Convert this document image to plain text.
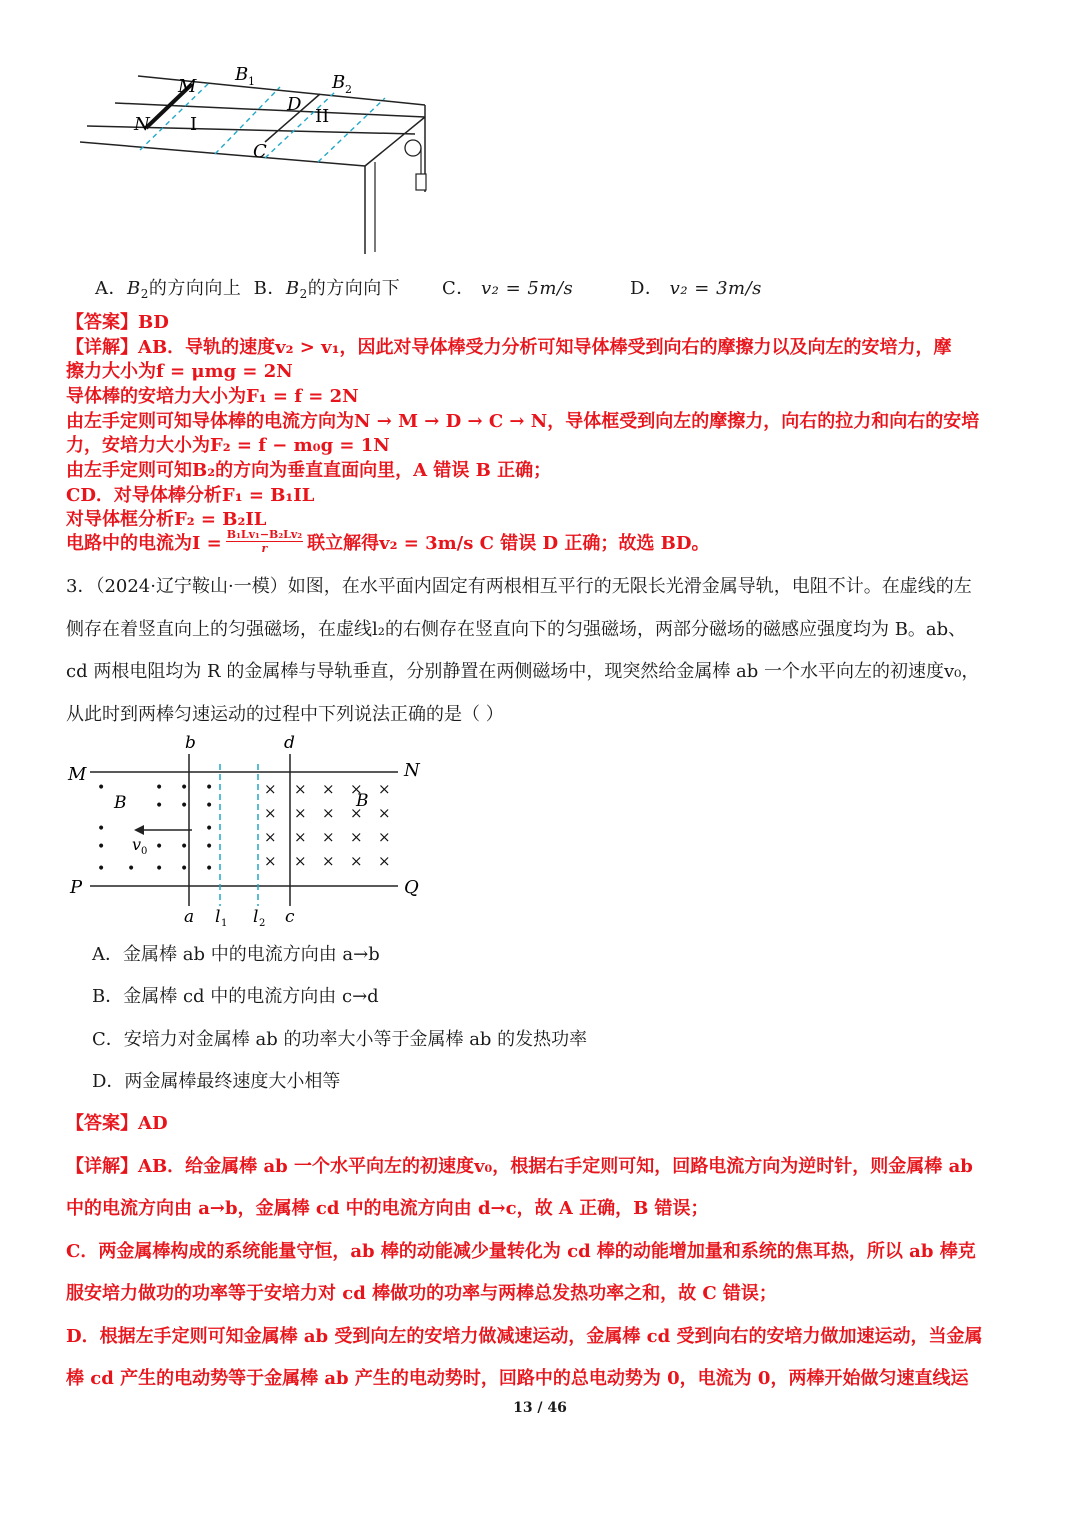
M
N
D
C
B 1	B 2
I	II
A．$B_2$的方向向上 B．$B_2$的方向向下 C． v₂ = 5m/s	D． v₂ = 3m/s
【答案】BD
【详解】AB．导轨的速度v₂ > v₁，因此对导体棒受力分析可知导体棒受到向右的摩擦力以及向左的安培力，摩
擦力大小为f = μmg = 2N
导体棒的安培力大小为F₁ = f = 2N
由左手定则可知导体棒的电流方向为N → M → D → C → N，导体框受到向左的摩擦力，向右的拉力和向右的安培
力，安培力大小为F₂ = f − m₀g = 1N
由左手定则可知B₂的方向为垂直直面向里，A 错误 B 正确；
CD．对导体棒分析F₁ = B₁IL
对导体框分析F₂ = B₂IL
电路中的电流为$I = \frac{\text{B₁Lv₁−B₂Lv₂}}{r}$ 联立解得v₂ = 3m/s C 错误 D 正确；故选 BD。
3．（2024·辽宁鞍山·一模）如图，在水平面内固定有两根相互平行的无限长光滑金属导轨，电阻不计。在虚线的左
侧存在着竖直向上的匀强磁场，在虚线l₂的右侧存在竖直向下的匀强磁场，两部分磁场的磁感应强度均为 B。ab、
cd 两根电阻均为 R 的金属棒与导轨垂直，分别静置在两侧磁场中，现突然给金属棒 ab 一个水平向左的初速度v₀，
从此时到两棒匀速运动的过程中下列说法正确的是（ ）
•	• • •
• • •
•	•
•	• • •
• • • • •
× × × × ×
× × × × ×
× × × × ×
× × × × ×
M	N
P	Q
b	d
a	c
B	B
v 0
l 1 l 2
A．金属棒 ab 中的电流方向由 a→b
B．金属棒 cd 中的电流方向由 c→d
C．安培力对金属棒 ab 的功率大小等于金属棒 ab 的发热功率
D．两金属棒最终速度大小相等
【答案】AD
【详解】AB．给金属棒 ab 一个水平向左的初速度v₀，根据右手定则可知，回路电流方向为逆时针，则金属棒 ab
中的电流方向由 a→b，金属棒 cd 中的电流方向由 d→c，故 A 正确，B 错误；
C．两金属棒构成的系统能量守恒，ab 棒的动能减少量转化为 cd 棒的动能增加量和系统的焦耳热，所以 ab 棒克
服安培力做功的功率等于安培力对 cd 棒做功的功率与两棒总发热功率之和，故 C 错误；
D．根据左手定则可知金属棒 ab 受到向左的安培力做减速运动，金属棒 cd 受到向右的安培力做加速运动，当金属
棒 cd 产生的电动势等于金属棒 ab 产生的电动势时，回路中的总电动势为 0，电流为 0，两棒开始做匀速直线运
13 / 46
